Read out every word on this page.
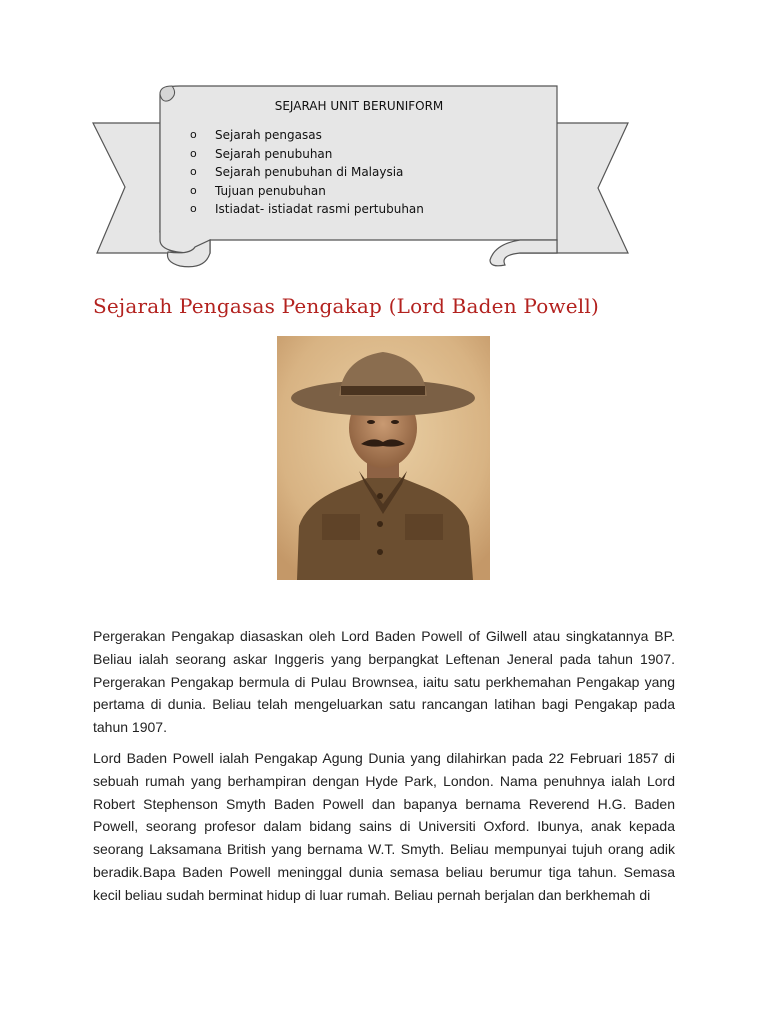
SEJARAH UNIT BERUNIFORM
o Sejarah pengasas
o Sejarah penubuhan
o Sejarah penubuhan di Malaysia
o Tujuan penubuhan
o Istiadat- istiadat rasmi pertubuhan
Sejarah Pengasas Pengakap (Lord Baden Powell)

Pergerakan Pengakap diasaskan oleh Lord Baden Powell of Gilwell atau singkatannya BP. Beliau ialah seorang askar Inggeris yang berpangkat Leftenan Jeneral pada tahun 1907. Pergerakan Pengakap bermula di Pulau Brownsea, iaitu satu perkhemahan Pengakap yang pertama di dunia. Beliau telah mengeluarkan satu rancangan latihan bagi Pengakap pada tahun 1907.

Lord Baden Powell ialah Pengakap Agung Dunia yang dilahirkan pada 22 Februari 1857 di sebuah rumah yang berhampiran dengan Hyde Park, London. Nama penuhnya ialah Lord Robert Stephenson Smyth Baden Powell dan bapanya bernama Reverend H.G. Baden Powell, seorang profesor dalam bidang sains di Universiti Oxford. Ibunya, anak kepada seorang Laksamana British yang bernama W.T. Smyth. Beliau mempunyai tujuh orang adik beradik.Bapa Baden Powell meninggal dunia semasa beliau berumur tiga tahun. Semasa kecil beliau sudah berminat hidup di luar rumah. Beliau pernah berjalan dan berkhemah di
